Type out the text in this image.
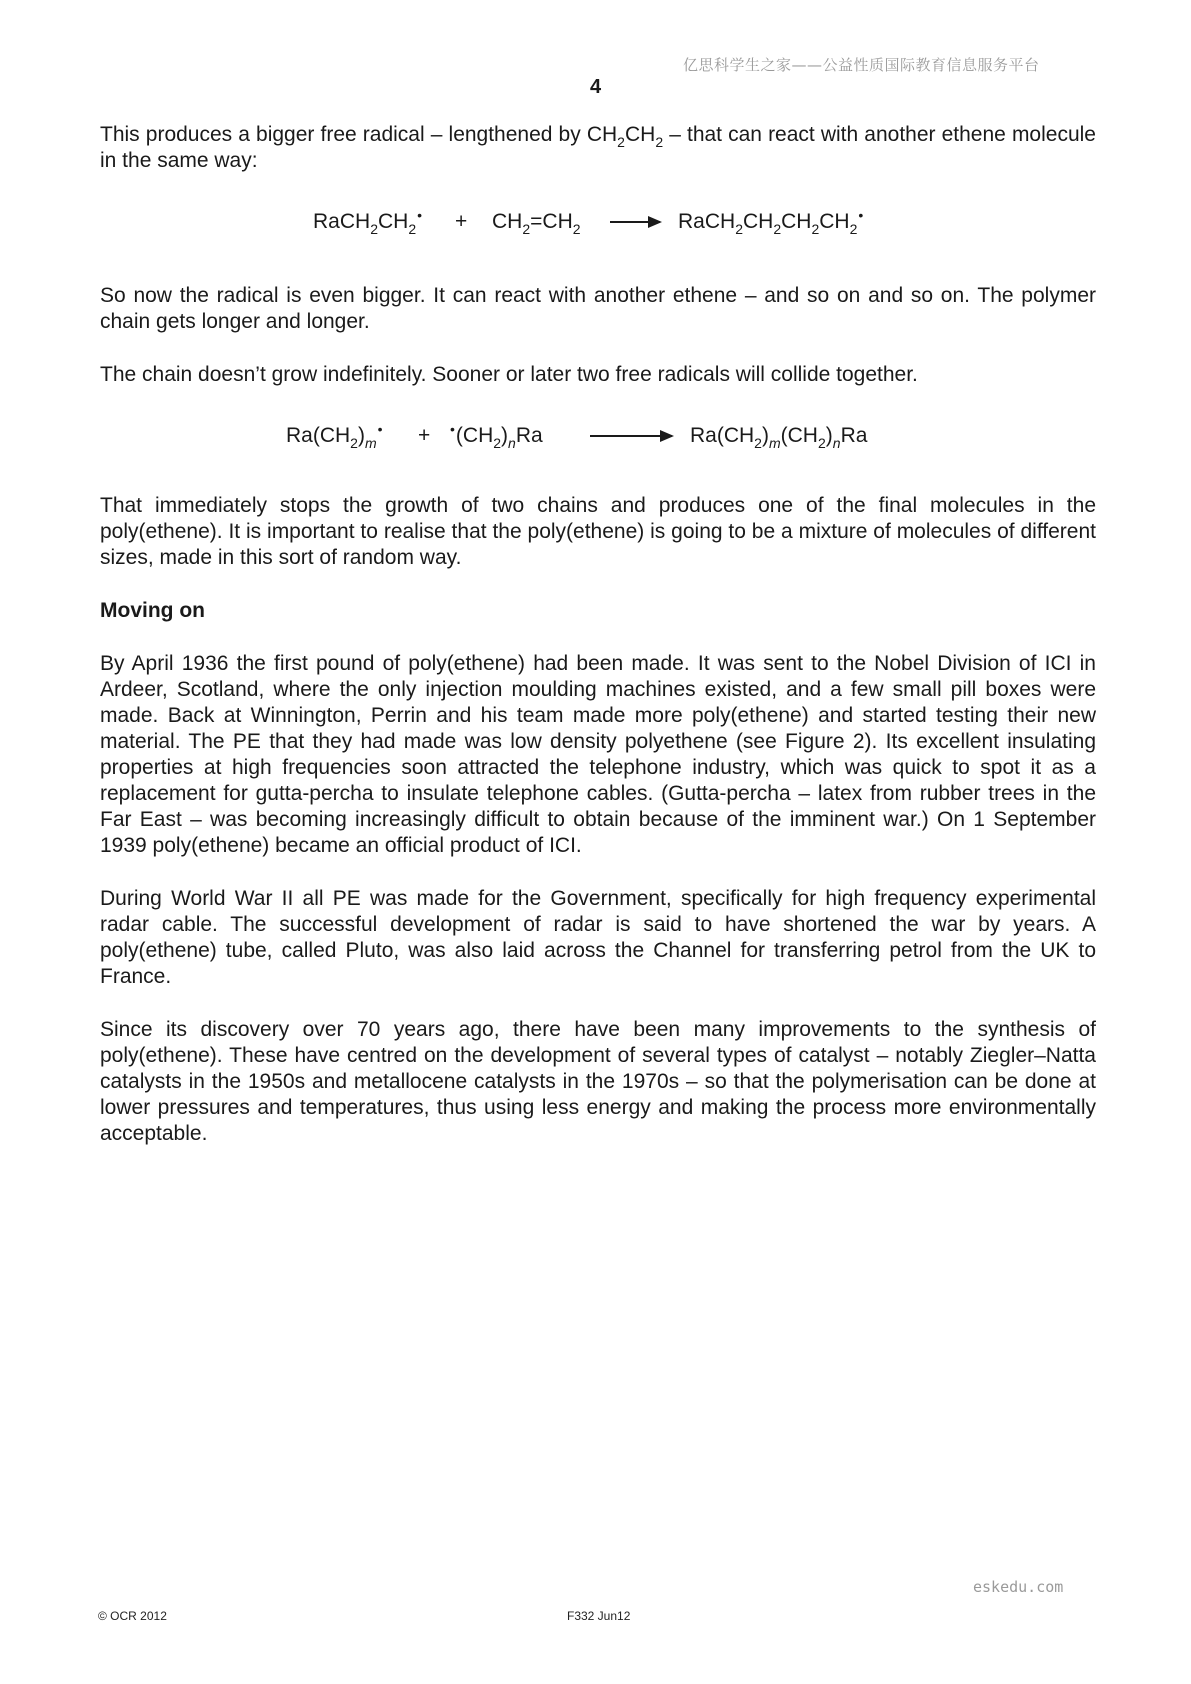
亿思科学生之家——公益性质国际教育信息服务平台
4

This produces a bigger free radical – lengthened by $CH_2CH_2$ – that can react with another ethene molecule in the same way:

$RaCH_2CH_2^• + CH_2=CH_2$	$RaCH_2CH_2CH_2CH_2^•$

So now the radical is even bigger. It can react with another ethene – and so on and so on. The polymer chain gets longer and longer.

The chain doesn’t grow indefinitely. Sooner or later two free radicals will collide together.

$Ra(CH_2)_m^• + ^•(CH_2)_nRa$	$Ra(CH_2)_m(CH_2)_nRa$

That immediately stops the growth of two chains and produces one of the final molecules in the poly(ethene). It is important to realise that the poly(ethene) is going to be a mixture of molecules of different sizes, made in this sort of random way.

Moving on

By April 1936 the first pound of poly(ethene) had been made. It was sent to the Nobel Division of ICI in Ardeer, Scotland, where the only injection moulding machines existed, and a few small pill boxes were made. Back at Winnington, Perrin and his team made more poly(ethene) and started testing their new material. The PE that they had made was low density polyethene (see Figure 2). Its excellent insulating properties at high frequencies soon attracted the telephone industry, which was quick to spot it as a replacement for gutta-percha to insulate telephone cables. (Gutta-percha – latex from rubber trees in the Far East – was becoming increasingly difficult to obtain because of the imminent war.) On 1 September 1939 poly(ethene) became an official product of ICI.

During World War II all PE was made for the Government, specifically for high frequency experimental radar cable. The successful development of radar is said to have shortened the war by years. A poly(ethene) tube, called Pluto, was also laid across the Channel for transferring petrol from the UK to France.

Since its discovery over 70 years ago, there have been many improvements to the synthesis of poly(ethene). These have centred on the development of several types of catalyst – notably Ziegler–Natta catalysts in the 1950s and metallocene catalysts in the 1970s – so that the polymerisation can be done at lower pressures and temperatures, thus using less energy and making the process more environmentally acceptable.

eskedu.com
© OCR 2012	F332 Jun12
